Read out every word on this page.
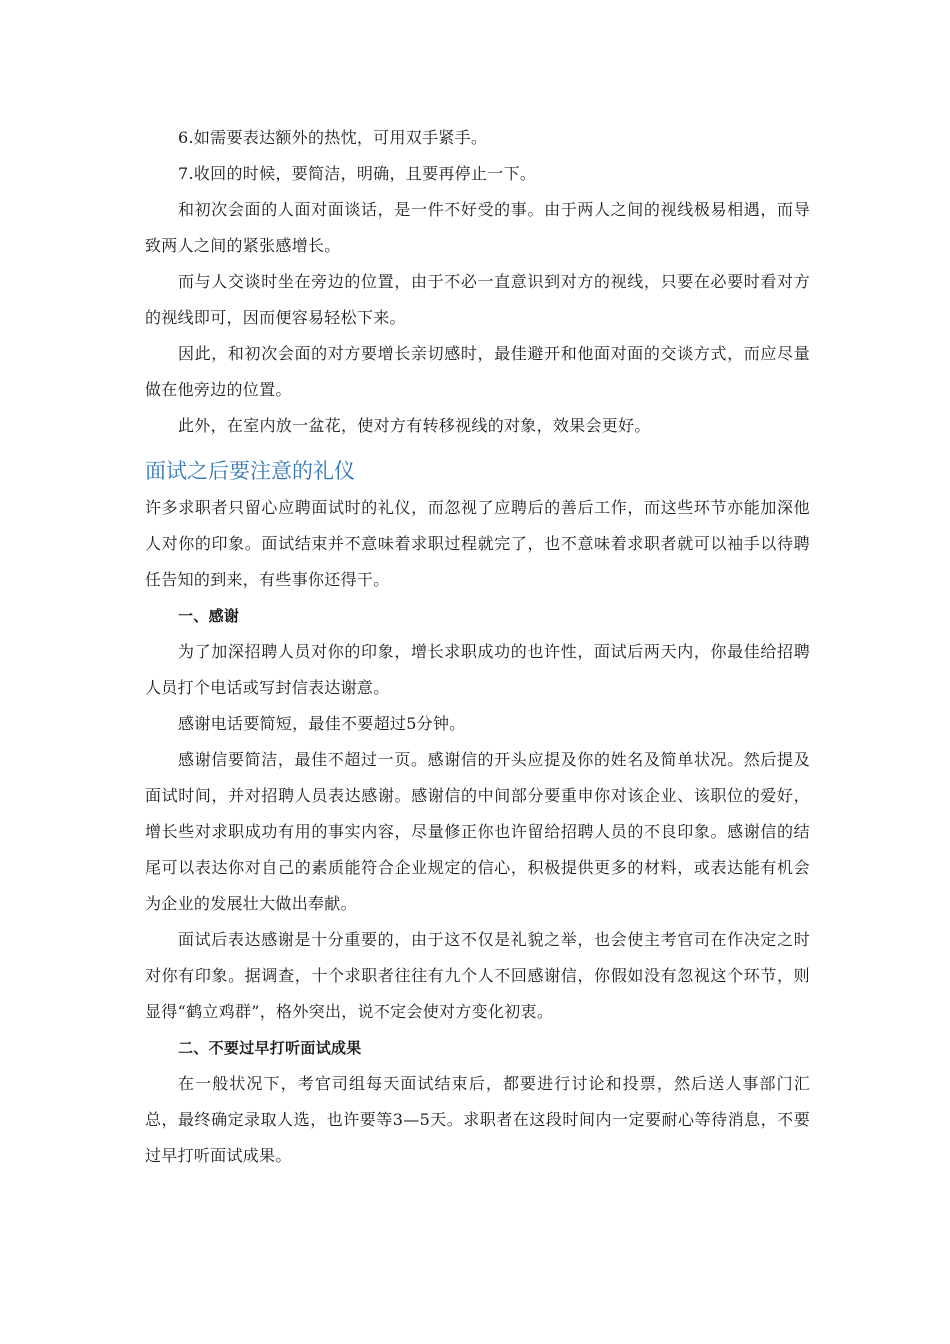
6.如需要表达额外的热忱，可用双手紧手。

7.收回的时候，要简洁，明确，且要再停止一下。

和初次会面的人面对面谈话，是一件不好受的事。由于两人之间的视线极易相遇，而导致两人之间的紧张感增长。

而与人交谈时坐在旁边的位置，由于不必一直意识到对方的视线，只要在必要时看对方的视线即可，因而便容易轻松下来。

因此，和初次会面的对方要增长亲切感时，最佳避开和他面对面的交谈方式，而应尽量做在他旁边的位置。

此外，在室内放一盆花，使对方有转移视线的对象，效果会更好。

面试之后要注意的礼仪

许多求职者只留心应聘面试时的礼仪，而忽视了应聘后的善后工作，而这些环节亦能加深他人对你的印象。面试结束并不意味着求职过程就完了，也不意味着求职者就可以袖手以待聘任告知的到来，有些事你还得干。

一、感谢

为了加深招聘人员对你的印象，增长求职成功的也许性，面试后两天内，你最佳给招聘人员打个电话或写封信表达谢意。

感谢电话要简短，最佳不要超过5分钟。

感谢信要简洁，最佳不超过一页。感谢信的开头应提及你的姓名及简单状况。然后提及面试时间，并对招聘人员表达感谢。感谢信的中间部分要重申你对该企业、该职位的爱好，增长些对求职成功有用的事实内容，尽量修正你也许留给招聘人员的不良印象。感谢信的结尾可以表达你对自己的素质能符合企业规定的信心，积极提供更多的材料，或表达能有机会为企业的发展壮大做出奉献。

面试后表达感谢是十分重要的，由于这不仅是礼貌之举，也会使主考官司在作决定之时对你有印象。据调查，十个求职者往往有九个人不回感谢信，你假如没有忽视这个环节，则显得“鹤立鸡群”，格外突出，说不定会使对方变化初衷。

二、不要过早打听面试成果

在一般状况下，考官司组每天面试结束后，都要进行讨论和投票，然后送人事部门汇总，最终确定录取人选，也许要等3—5天。求职者在这段时间内一定要耐心等待消息，不要过早打听面试成果。
